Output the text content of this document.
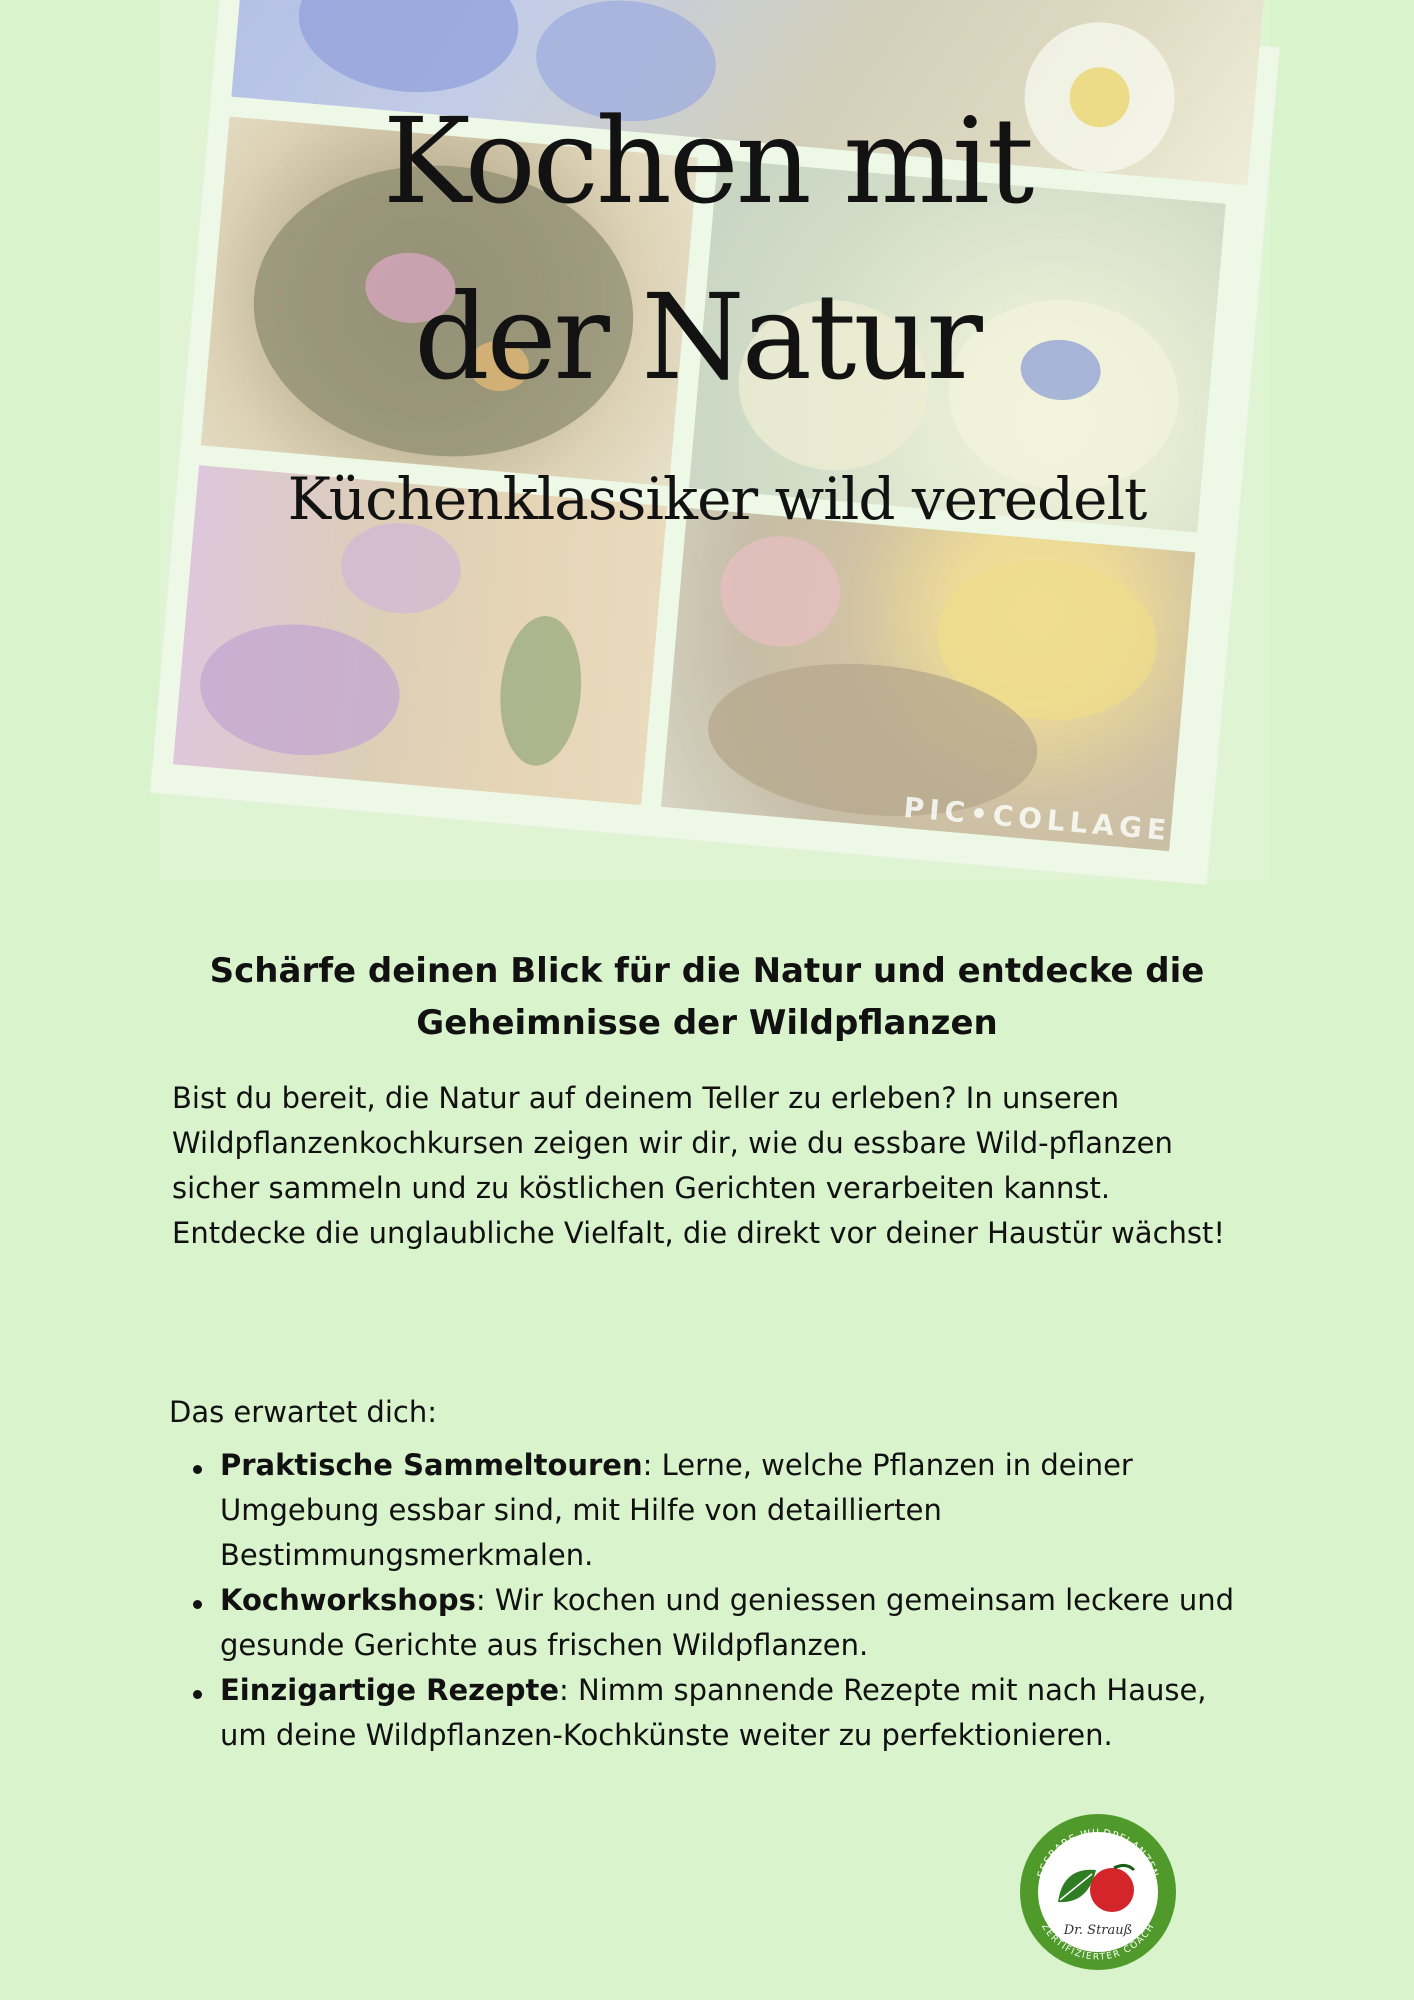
PIC•COLLAGE
Kochen mit
der Natur
Küchenklassiker wild veredelt

Schärfe deinen Blick für die Natur und entdecke die Geheimnisse der Wildpflanzen

Bist du bereit, die Natur auf deinem Teller zu erleben? In unseren Wildpflanzenkochkursen zeigen wir dir, wie du essbare Wild-pflanzen sicher sammeln und zu köstlichen Gerichten verarbeiten kannst.
Entdecke die unglaubliche Vielfalt, die direkt vor deiner Haustür wächst!

Das erwartet dich:

Praktische Sammeltouren: Lerne, welche Pflanzen in deiner Umgebung essbar sind, mit Hilfe von detaillierten Bestimmungsmerkmalen.
Kochworkshops: Wir kochen und geniessen gemeinsam leckere und gesunde Gerichte aus frischen Wildpflanzen.
Einzigartige Rezepte: Nimm spannende Rezepte mit nach Hause, um deine Wildpflanzen-Kochkünste weiter zu perfektionieren.
ESSBARE WILDPFLANZEN
ZERTIFIZIERTER COACH
Dr. Strauß
